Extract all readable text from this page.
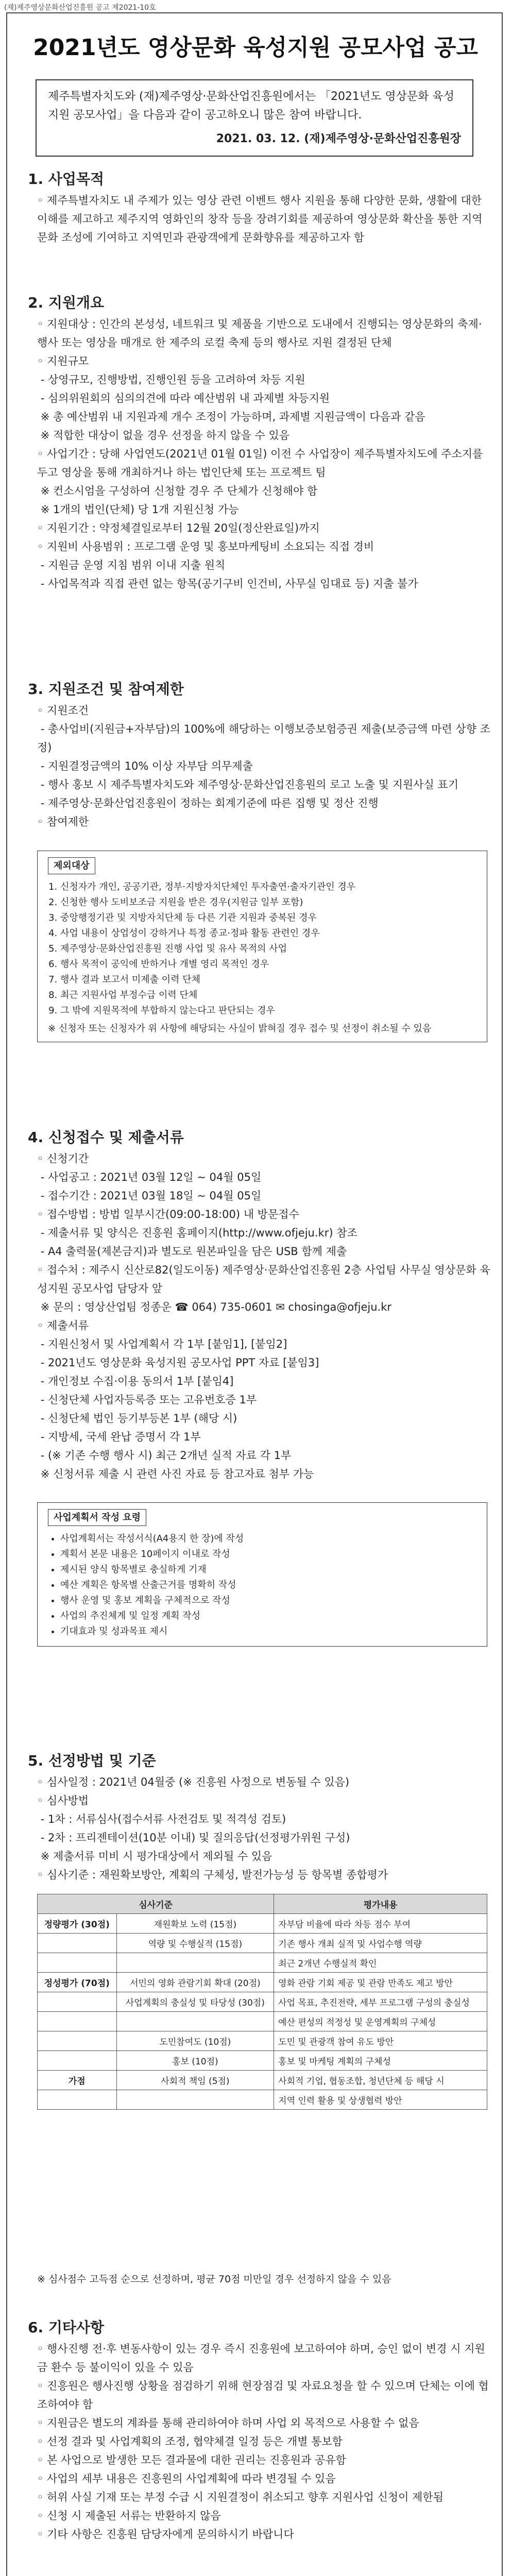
(재)제주영상문화산업진흥원 공고 제2021-10호
2021년도 영상문화 육성지원 공모사업 공고
제주특별자치도와 (재)제주영상·문화산업진흥원에서는 「2021년도 영상문화 육성지원 공모사업」을 다음과 같이 공고하오니 많은 참여 바랍니다.
2021. 03. 12. (재)제주영상·문화산업진흥원장
1. 사업목적
◦ 제주특별자치도 내 주제가 있는 영상 관련 이벤트 행사 지원을 통해 다양한 문화, 생활에 대한 이해를 제고하고 제주지역 영화인의 창작 등을 장려기회를 제공하여 영상문화 확산을 통한 지역문화 조성에 기여하고 지역민과 관광객에게 문화향유를 제공하고자 함
2. 지원개요
◦ 지원대상 : 인간의 본성성, 네트워크 및 제품을 기반으로 도내에서 진행되는 영상문화의 축제·행사 또는 영상을 매개로 한 제주의 로컬 축제 등의 행사로 지원 결정된 단체
◦ 지원규모
- 상영규모, 진행방법, 진행인원 등을 고려하여 차등 지원
- 심의위원회의 심의의견에 따라 예산범위 내 과제별 차등지원
※ 총 예산범위 내 지원과제 개수 조정이 가능하며, 과제별 지원금액이 다음과 같음
※ 적합한 대상이 없을 경우 선정을 하지 않을 수 있음
◦ 사업기간 : 당해 사업연도(2021년 01월 01일) 이전 수 사업장이 제주특별자치도에 주소지를 두고 영상을 통해 개최하거나 하는 법인단체 또는 프로젝트 팀
※ 컨소시엄을 구성하여 신청할 경우 주 단체가 신청해야 함
※ 1개의 법인(단체) 당 1개 지원신청 가능
◦ 지원기간 : 약정체결일로부터 12월 20일(정산완료일)까지
◦ 지원비 사용범위 : 프로그램 운영 및 홍보마케팅비 소요되는 직접 경비
- 지원금 운영 지침 범위 이내 지출 원칙
- 사업목적과 직접 관련 없는 항목(공기구비 인건비, 사무실 임대료 등) 지출 불가
3. 지원조건 및 참여제한
◦ 지원조건
- 총사업비(지원금+자부담)의 100%에 해당하는 이행보증보험증권 제출(보증금액 마련 상향 조정)
- 지원결정금액의 10% 이상 자부담 의무제출
- 행사 홍보 시 제주특별자치도와 제주영상·문화산업진흥원의 로고 노출 및 지원사실 표기
- 제주영상·문화산업진흥원이 정하는 회계기준에 따른 집행 및 정산 진행
◦ 참여제한
제외대상
1. 신청자가 개인, 공공기관, 정부·지방자치단체인 투자출연·출자기관인 경우
2. 신청한 행사 도비보조금 지원을 받은 경우(지원금 일부 포함)
3. 중앙행정기관 및 지방자치단체 등 다른 기관 지원과 중복된 경우
4. 사업 내용이 상업성이 강하거나 특정 종교·정파 활동 관련인 경우
5. 제주영상·문화산업진흥원 진행 사업 및 유사 목적의 사업
6. 행사 목적이 공익에 반하거나 개별 영리 목적인 경우
7. 행사 결과 보고서 미제출 이력 단체
8. 최근 지원사업 부정수급 이력 단체
9. 그 밖에 지원목적에 부합하지 않는다고 판단되는 경우
※ 신청자 또는 신청자가 위 사항에 해당되는 사실이 밝혀질 경우 접수 및 선정이 취소될 수 있음
4. 신청접수 및 제출서류
◦ 신청기간
- 사업공고 : 2021년 03월 12일 ~ 04월 05일
- 접수기간 : 2021년 03월 18일 ~ 04월 05일
◦ 접수방법 : 방법 일부시간(09:00-18:00) 내 방문접수
- 제출서류 및 양식은 진흥원 홈페이지(http://www.ofjeju.kr) 참조
- A4 출력물(제본금지)과 별도로 원본파일을 담은 USB 함께 제출
◦ 접수처 : 제주시 신산로82(일도이동) 제주영상·문화산업진흥원 2층 사업팀 사무실 영상문화 육성지원 공모사업 담당자 앞
※ 문의 : 영상산업팀 정종운 ☎ 064) 735-0601 ✉ chosinga@ofjeju.kr
◦ 제출서류
- 지원신청서 및 사업계획서 각 1부 [붙임1], [붙임2]
- 2021년도 영상문화 육성지원 공모사업 PPT 자료 [붙임3]
- 개인정보 수집·이용 동의서 1부 [붙임4]
- 신청단체 사업자등록증 또는 고유번호증 1부
- 신청단체 법인 등기부등본 1부 (해당 시)
- 지방세, 국세 완납 증명서 각 1부
- (※ 기존 수행 행사 시) 최근 2개년 실적 자료 각 1부
※ 신청서류 제출 시 관련 사진 자료 등 참고자료 첨부 가능
사업계획서 작성 요령
• 사업계획서는 작성서식(A4용지 한 장)에 작성
• 계획서 본문 내용은 10페이지 이내로 작성
• 제시된 양식 항목별로 충실하게 기재
• 예산 계획은 항목별 산출근거를 명확히 작성
• 행사 운영 및 홍보 계획을 구체적으로 작성
• 사업의 추진체계 및 일정 계획 작성
• 기대효과 및 성과목표 제시
5. 선정방법 및 기준
◦ 심사일정 : 2021년 04월중 (※ 진흥원 사정으로 변동될 수 있음)
◦ 심사방법
- 1차 : 서류심사(접수서류 사전검토 및 적격성 검토)
- 2차 : 프리젠테이션(10분 이내) 및 질의응답(선정평가위원 구성)
※ 제출서류 미비 시 평가대상에서 제외될 수 있음
◦ 심사기준 : 재원확보방안, 계획의 구체성, 발전가능성 등 항목별 종합평가
심사기준		평가내용
정량평가 (30점)	재원확보 노력 (15점)	자부담 비율에 따라 차등 점수 부여
	역량 및 수행실적 (15점)	기존 행사 개최 실적 및 사업수행 역량
		최근 2개년 수행실적 확인
정성평가 (70점)	서민의 영화 관람기회 확대 (20점)	영화 관람 기회 제공 및 관람 만족도 제고 방안
	사업계획의 충실성 및 타당성 (30점)	사업 목표, 추진전략, 세부 프로그램 구성의 충실성
		예산 편성의 적정성 및 운영계획의 구체성
	도민참여도 (10점)	도민 및 관광객 참여 유도 방안
	홍보 (10점)	홍보 및 마케팅 계획의 구체성
가점	사회적 책임 (5점)	사회적 기업, 협동조합, 청년단체 등 해당 시
		지역 인력 활용 및 상생협력 방안
※ 심사점수 고득점 순으로 선정하며, 평균 70점 미만일 경우 선정하지 않을 수 있음
6. 기타사항
◦ 행사진행 전·후 변동사항이 있는 경우 즉시 진흥원에 보고하여야 하며, 승인 없이 변경 시 지원금 환수 등 불이익이 있을 수 있음
◦ 진흥원은 행사진행 상황을 점검하기 위해 현장점검 및 자료요청을 할 수 있으며 단체는 이에 협조하여야 함
◦ 지원금은 별도의 계좌를 통해 관리하여야 하며 사업 외 목적으로 사용할 수 없음
◦ 선정 결과 및 사업계획의 조정, 협약체결 일정 등은 개별 통보함
◦ 본 사업으로 발생한 모든 결과물에 대한 권리는 진흥원과 공유함
◦ 사업의 세부 내용은 진흥원의 사업계획에 따라 변경될 수 있음
◦ 허위 사실 기재 또는 부정 수급 시 지원결정이 취소되고 향후 지원사업 신청이 제한됨
◦ 신청 시 제출된 서류는 반환하지 않음
◦ 기타 사항은 진흥원 담당자에게 문의하시기 바랍니다
